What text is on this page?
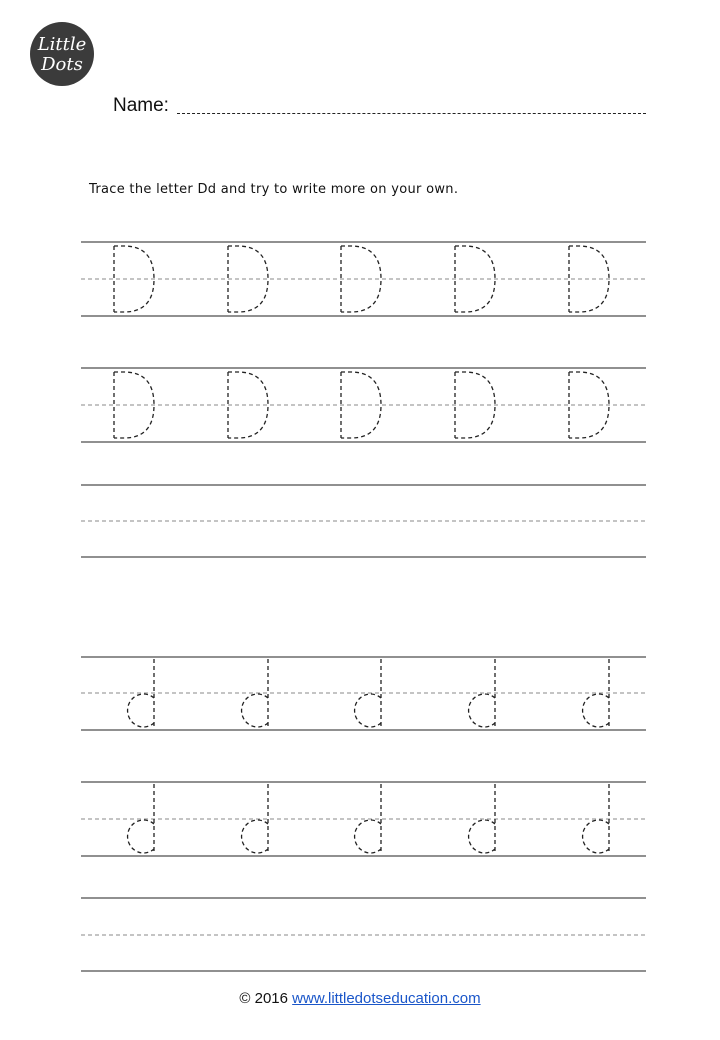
Little
Dots
Name:
Trace the letter Dd and try to write more on your own.
© 2016 www.littledotseducation.com
